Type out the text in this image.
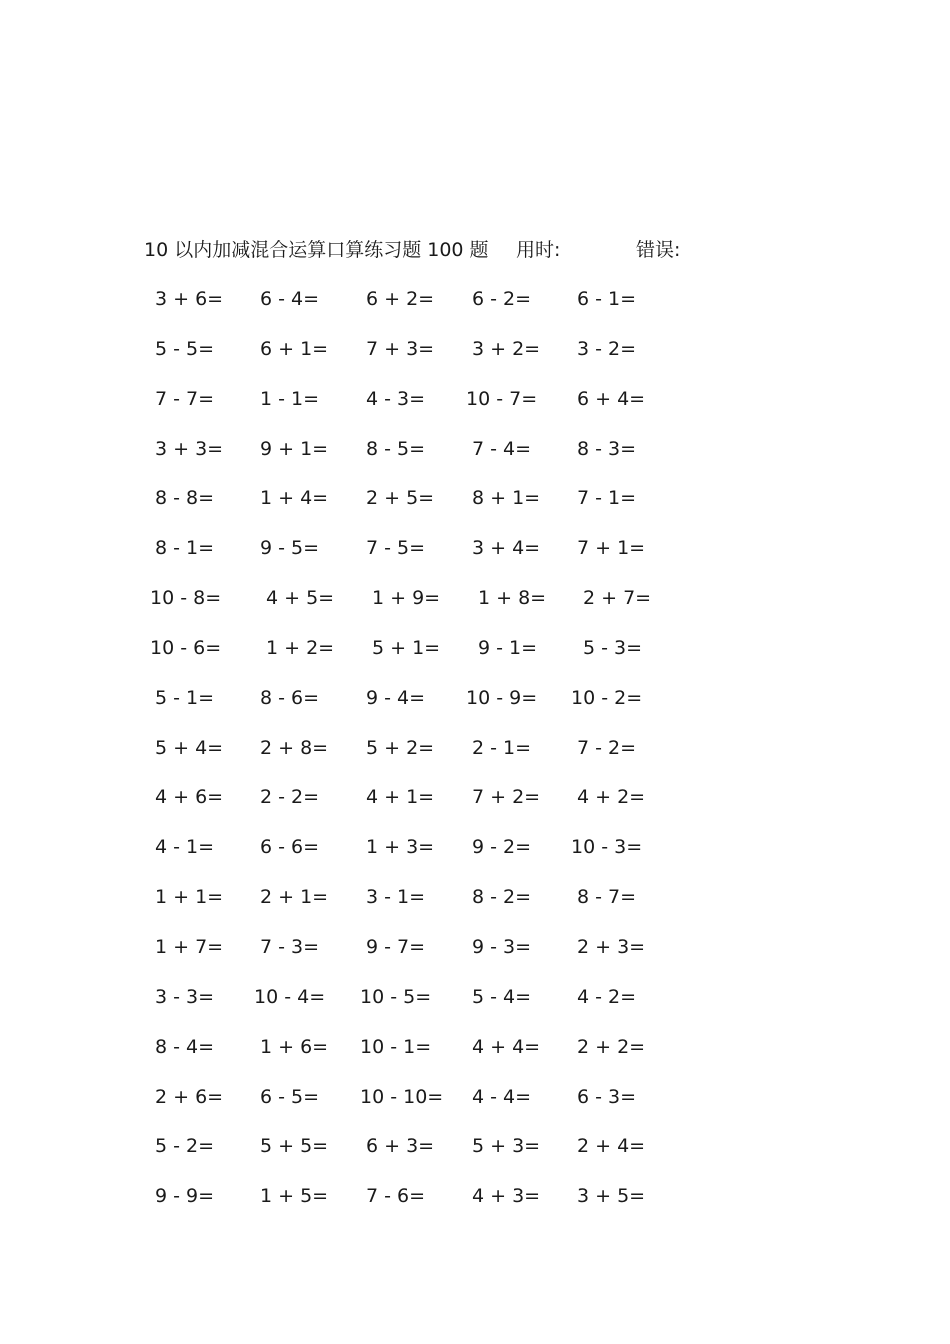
10 以内加减混合运算口算练习题 100 题 用时:	错误:
3 + 6= 6 - 4= 6 + 2= 6 - 2= 6 - 1=
5 - 5= 6 + 1= 7 + 3= 3 + 2= 3 - 2=
7 - 7= 1 - 1= 4 - 3= 10 - 7= 6 + 4=
3 + 3= 9 + 1= 8 - 5= 7 - 4= 8 - 3=
8 - 8= 1 + 4= 2 + 5= 8 + 1= 7 - 1=
8 - 1= 9 - 5= 7 - 5= 3 + 4= 7 + 1=
10 - 8= 4 + 5= 1 + 9= 1 + 8= 2 + 7=
10 - 6= 1 + 2= 5 + 1= 9 - 1= 5 - 3=
5 - 1= 8 - 6= 9 - 4= 10 - 9= 10 - 2=
5 + 4= 2 + 8= 5 + 2= 2 - 1= 7 - 2=
4 + 6= 2 - 2= 4 + 1= 7 + 2= 4 + 2=
4 - 1= 6 - 6= 1 + 3= 9 - 2= 10 - 3=
1 + 1= 2 + 1= 3 - 1= 8 - 2= 8 - 7=
1 + 7= 7 - 3= 9 - 7= 9 - 3= 2 + 3=
3 - 3= 10 - 4= 10 - 5= 5 - 4= 4 - 2=
8 - 4= 1 + 6= 10 - 1= 4 + 4= 2 + 2=
2 + 6= 6 - 5= 10 - 10= 4 - 4= 6 - 3=
5 - 2= 5 + 5= 6 + 3= 5 + 3= 2 + 4=
9 - 9= 1 + 5= 7 - 6= 4 + 3= 3 + 5=
